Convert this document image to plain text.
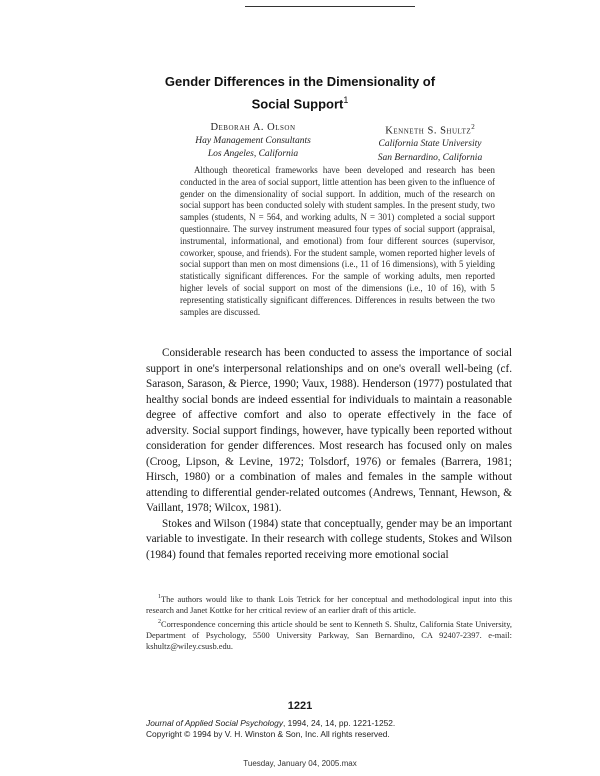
Gender Differences in the Dimensionality of
Social Support$^1$
Deborah A. Olson
Hay Management Consultants
Los Angeles, California
Kenneth S. Shultz$^2$
California State University
San Bernardino, California

Although theoretical frameworks have been developed and research has been conducted in the area of social support, little attention has been given to the influence of gender on the dimensionality of social support. In addition, much of the research on social support has been conducted solely with student samples. In the present study, two samples (students, N = 564, and working adults, N = 301) completed a social support questionnaire. The survey instrument measured four types of social support (appraisal, instrumental, informational, and emotional) from four different sources (supervisor, coworker, spouse, and friends). For the student sample, women reported higher levels of social support than men on most dimensions (i.e., 11 of 16 dimensions), with 5 yielding statistically significant differences. For the sample of working adults, men reported higher levels of social support on most of the dimensions (i.e., 10 of 16), with 5 representing statistically significant differences. Differences in results between the two samples are discussed.

Considerable research has been conducted to assess the importance of social support in one's interpersonal relationships and on one's overall well-being (cf. Sarason, Sarason, & Pierce, 1990; Vaux, 1988). Henderson (1977) postulated that healthy social bonds are indeed essential for individuals to maintain a reasonable degree of affective comfort and also to operate effectively in the face of adversity. Social support findings, however, have typically been reported without consideration for gender differences. Most research has focused only on males (Croog, Lipson, & Levine, 1972; Tolsdorf, 1976) or females (Barrera, 1981; Hirsch, 1980) or a combination of males and females in the sample without attending to differential gender-related outcomes (Andrews, Tennant, Hewson, & Vaillant, 1978; Wilcox, 1981).

Stokes and Wilson (1984) state that conceptually, gender may be an important variable to investigate. In their research with college students, Stokes and Wilson (1984) found that females reported receiving more emotional social

$^1$The authors would like to thank Lois Tetrick for her conceptual and methodological input into this research and Janet Kottke for her critical review of an earlier draft of this article.

$^2$Correspondence concerning this article should be sent to Kenneth S. Shultz, California State University, Department of Psychology, 5500 University Parkway, San Bernardino, CA 92407-2397. e-mail: kshultz@wiley.csusb.edu.

1221
Journal of Applied Social Psychology, 1994, 24, 14, pp. 1221-1252.
Copyright © 1994 by V. H. Winston & Son, Inc. All rights reserved.
Tuesday, January 04, 2005.max
